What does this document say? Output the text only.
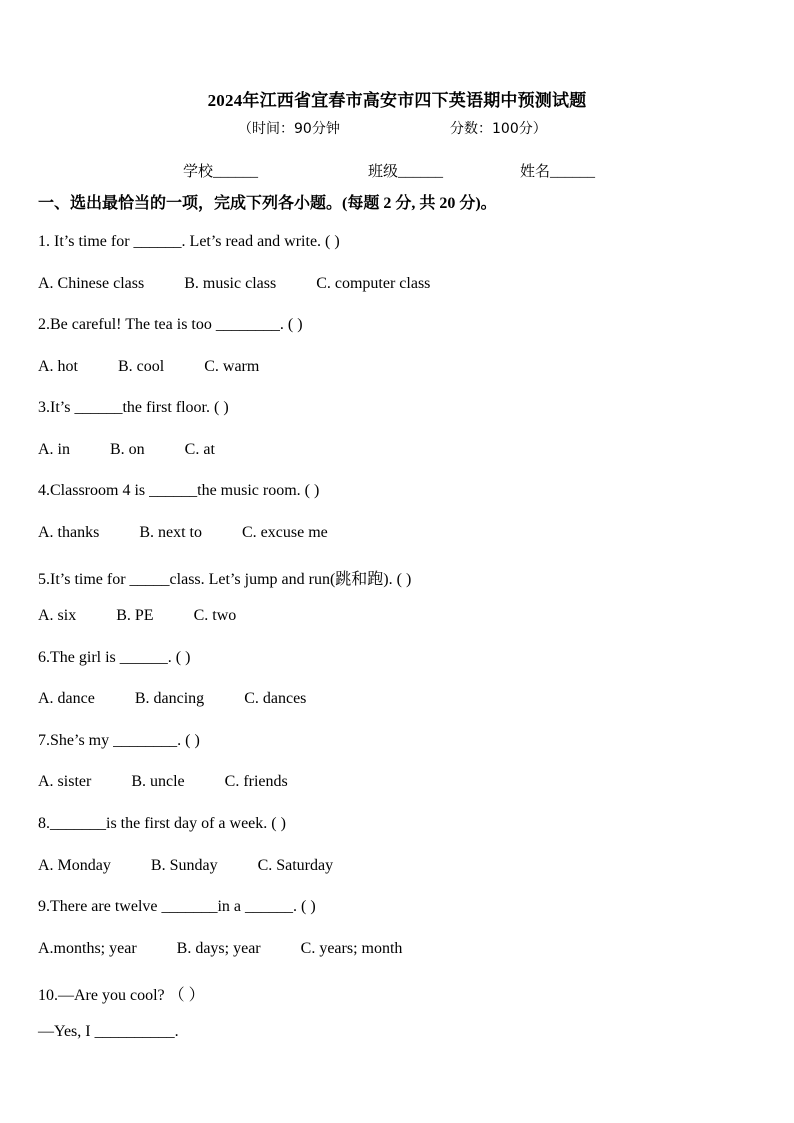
2024年江西省宜春市高安市四下英语期中预测试题
（时间：90分钟	分数：100分）
学校______	班级______	姓名______
一、选出最恰当的一项，完成下列各小题。(每题 2 分, 共 20 分)。
1. It’s time for ______. Let’s read and write. ( )
A. Chinese class	B. music class	C. computer class
2.Be careful! The tea is too ________. ( )
A. hot	B. cool	C. warm
3.It’s ______the first floor. ( )
A. in	B. on	C. at
4.Classroom 4 is ______the music room. ( )
A. thanks	B. next to	C. excuse me
5.It’s time for _____class. Let’s jump and run(跳和跑). ( )
A. six	B. PE	C. two
6.The girl is ______. ( )
A. dance	B. dancing	C. dances
7.She’s my ________. ( )
A. sister	B. uncle	C. friends
8._______is the first day of a week. ( )
A. Monday	B. Sunday	C. Saturday
9.There are twelve _______in a ______. ( )
A.months; year	B. days; year	C. years; month
10.—Are you cool? （ ）
—Yes, I __________.
